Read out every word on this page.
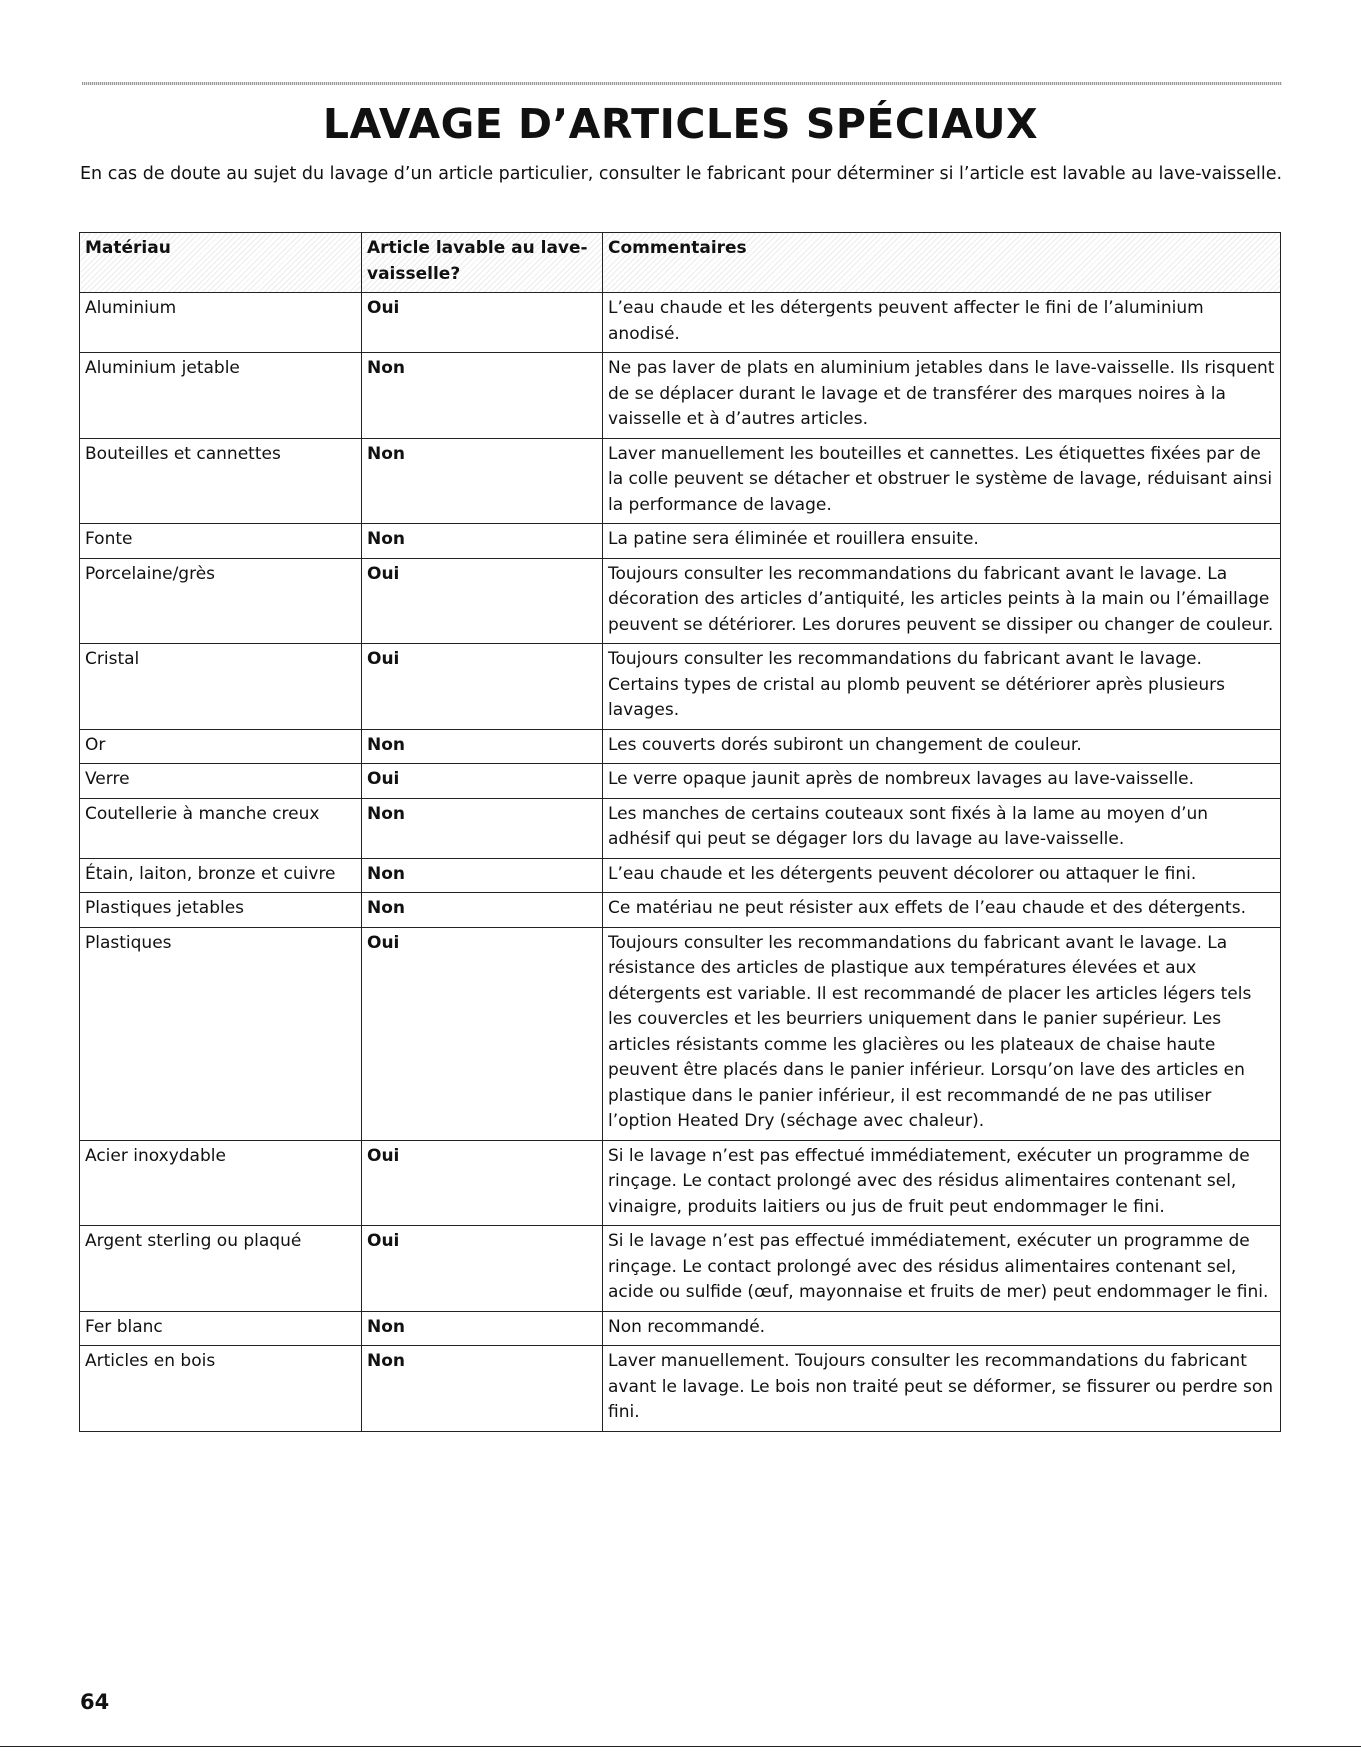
LAVAGE D’ARTICLES SPÉCIAUX

En cas de doute au sujet du lavage d’un article particulier, consulter le fabricant pour déterminer si l’article est lavable au lave-vaisselle.

Matériau	Article lavable au lave-vaisselle?	Commentaires
Aluminium	Oui	L’eau chaude et les détergents peuvent affecter le fini de l’aluminium anodisé.
Aluminium jetable	Non	Ne pas laver de plats en aluminium jetables dans le lave-vaisselle. Ils risquent de se déplacer durant le lavage et de transférer des marques noires à la vaisselle et à d’autres articles.
Bouteilles et cannettes	Non	Laver manuellement les bouteilles et cannettes. Les étiquettes fixées par de la colle peuvent se détacher et obstruer le système de lavage, réduisant ainsi la performance de lavage.
Fonte	Non	La patine sera éliminée et rouillera ensuite.
Porcelaine/grès	Oui	Toujours consulter les recommandations du fabricant avant le lavage. La décoration des articles d’antiquité, les articles peints à la main ou l’émaillage peuvent se détériorer. Les dorures peuvent se dissiper ou changer de couleur.
Cristal	Oui	Toujours consulter les recommandations du fabricant avant le lavage. Certains types de cristal au plomb peuvent se détériorer après plusieurs lavages.
Or	Non	Les couverts dorés subiront un changement de couleur.
Verre	Oui	Le verre opaque jaunit après de nombreux lavages au lave-vaisselle.
Coutellerie à manche creux	Non	Les manches de certains couteaux sont fixés à la lame au moyen d’un adhésif qui peut se dégager lors du lavage au lave-vaisselle.
Étain, laiton, bronze et cuivre	Non	L’eau chaude et les détergents peuvent décolorer ou attaquer le fini.
Plastiques jetables	Non	Ce matériau ne peut résister aux effets de l’eau chaude et des détergents.
Plastiques	Oui	Toujours consulter les recommandations du fabricant avant le lavage. La résistance des articles de plastique aux températures élevées et aux détergents est variable. Il est recommandé de placer les articles légers tels les couvercles et les beurriers uniquement dans le panier supérieur. Les articles résistants comme les glacières ou les plateaux de chaise haute peuvent être placés dans le panier inférieur. Lorsqu’on lave des articles en plastique dans le panier inférieur, il est recommandé de ne pas utiliser l’option Heated Dry (séchage avec chaleur).
Acier inoxydable	Oui	Si le lavage n’est pas effectué immédiatement, exécuter un programme de rinçage. Le contact prolongé avec des résidus alimentaires contenant sel, vinaigre, produits laitiers ou jus de fruit peut endommager le fini.
Argent sterling ou plaqué	Oui	Si le lavage n’est pas effectué immédiatement, exécuter un programme de rinçage. Le contact prolongé avec des résidus alimentaires contenant sel, acide ou sulfide (œuf, mayonnaise et fruits de mer) peut endommager le fini.
Fer blanc	Non	Non recommandé.
Articles en bois	Non	Laver manuellement. Toujours consulter les recommandations du fabricant avant le lavage. Le bois non traité peut se déformer, se fissurer ou perdre son fini.

64
